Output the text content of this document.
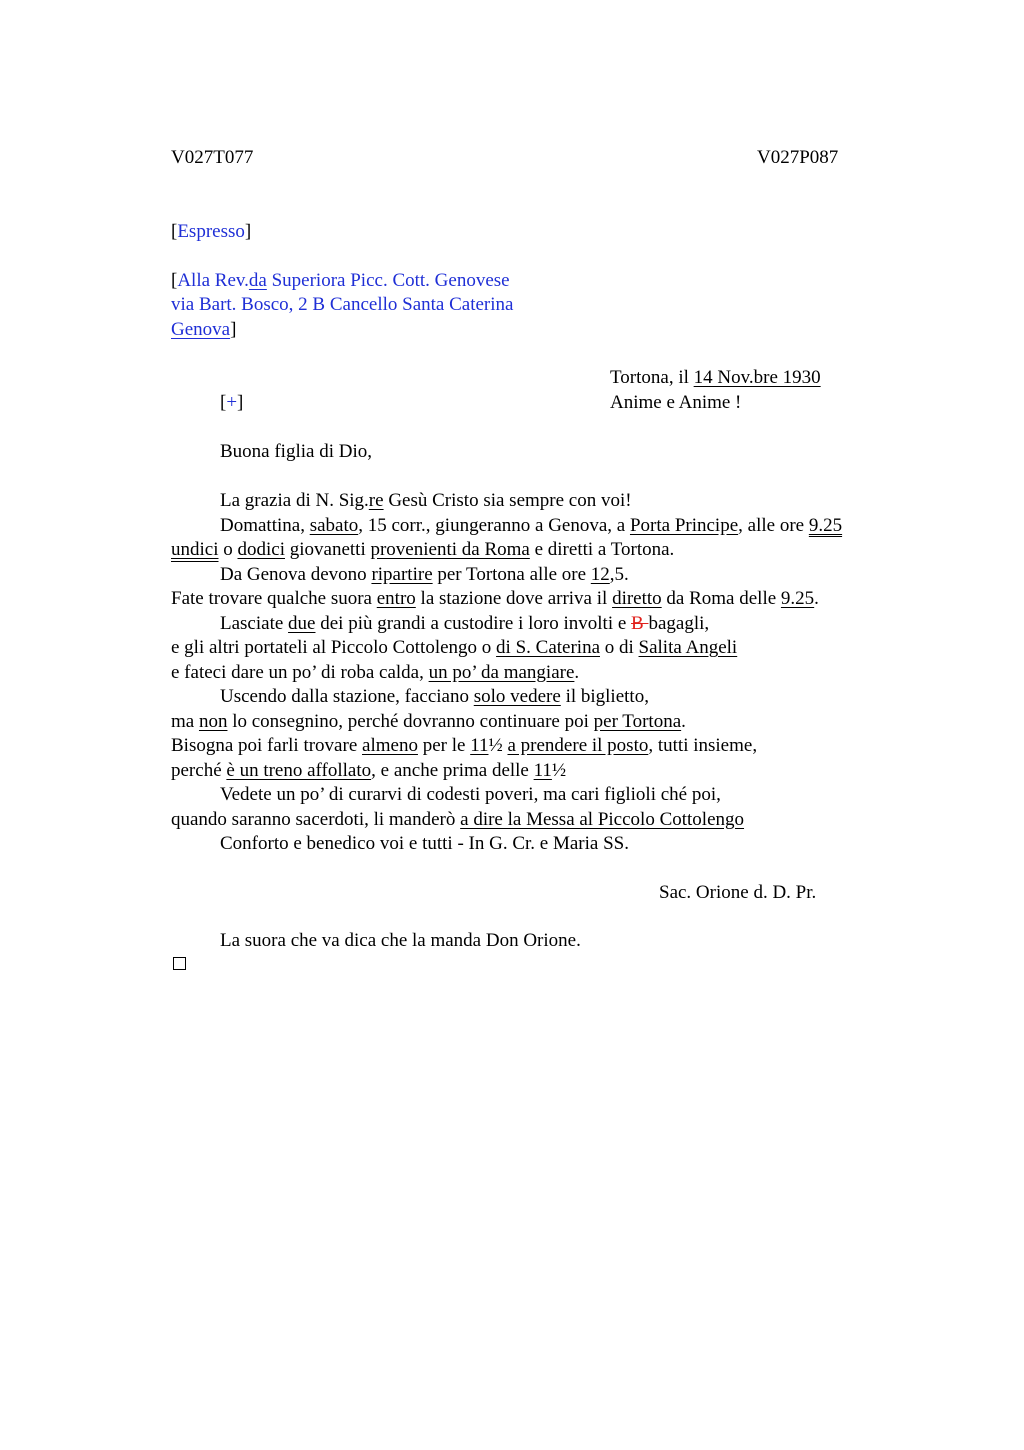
V027T077	V027P087
[Espresso]
[Alla Rev.da Superiora Picc. Cott. Genovese
via Bart. Bosco, 2 B Cancello Santa Caterina
Genova]
Tortona, il 14 Nov.bre 1930
Anime e Anime !
[+]
Buona figlia di Dio,
La grazia di N. Sig.re Gesù Cristo sia sempre con voi!
Domattina, sabato, 15 corr., giungeranno a Genova, a Porta Principe, alle ore 9.25
undici o dodici giovanetti provenienti da Roma e diretti a Tortona.
Da Genova devono ripartire per Tortona alle ore 12,5.
Fate trovare qualche suora entro la stazione dove arriva il diretto da Roma delle 9.25.
Lasciate due dei più grandi a custodire i loro involti e B bagagli,
e gli altri portateli al Piccolo Cottolengo o di S. Caterina o di Salita Angeli
e fateci dare un po’ di roba calda, un po’ da mangiare.
Uscendo dalla stazione, facciano solo vedere il biglietto,
ma non lo consegnino, perché dovranno continuare poi per Tortona.
Bisogna poi farli trovare almeno per le 11½ a prendere il posto, tutti insieme,
perché è un treno affollato, e anche prima delle 11½
Vedete un po’ di curarvi di codesti poveri, ma cari figlioli ché poi,
quando saranno sacerdoti, li manderò a dire la Messa al Piccolo Cottolengo
Conforto e benedico voi e tutti - In G. Cr. e Maria SS.
Sac. Orione d. D. Pr.
La suora che va dica che la manda Don Orione.
